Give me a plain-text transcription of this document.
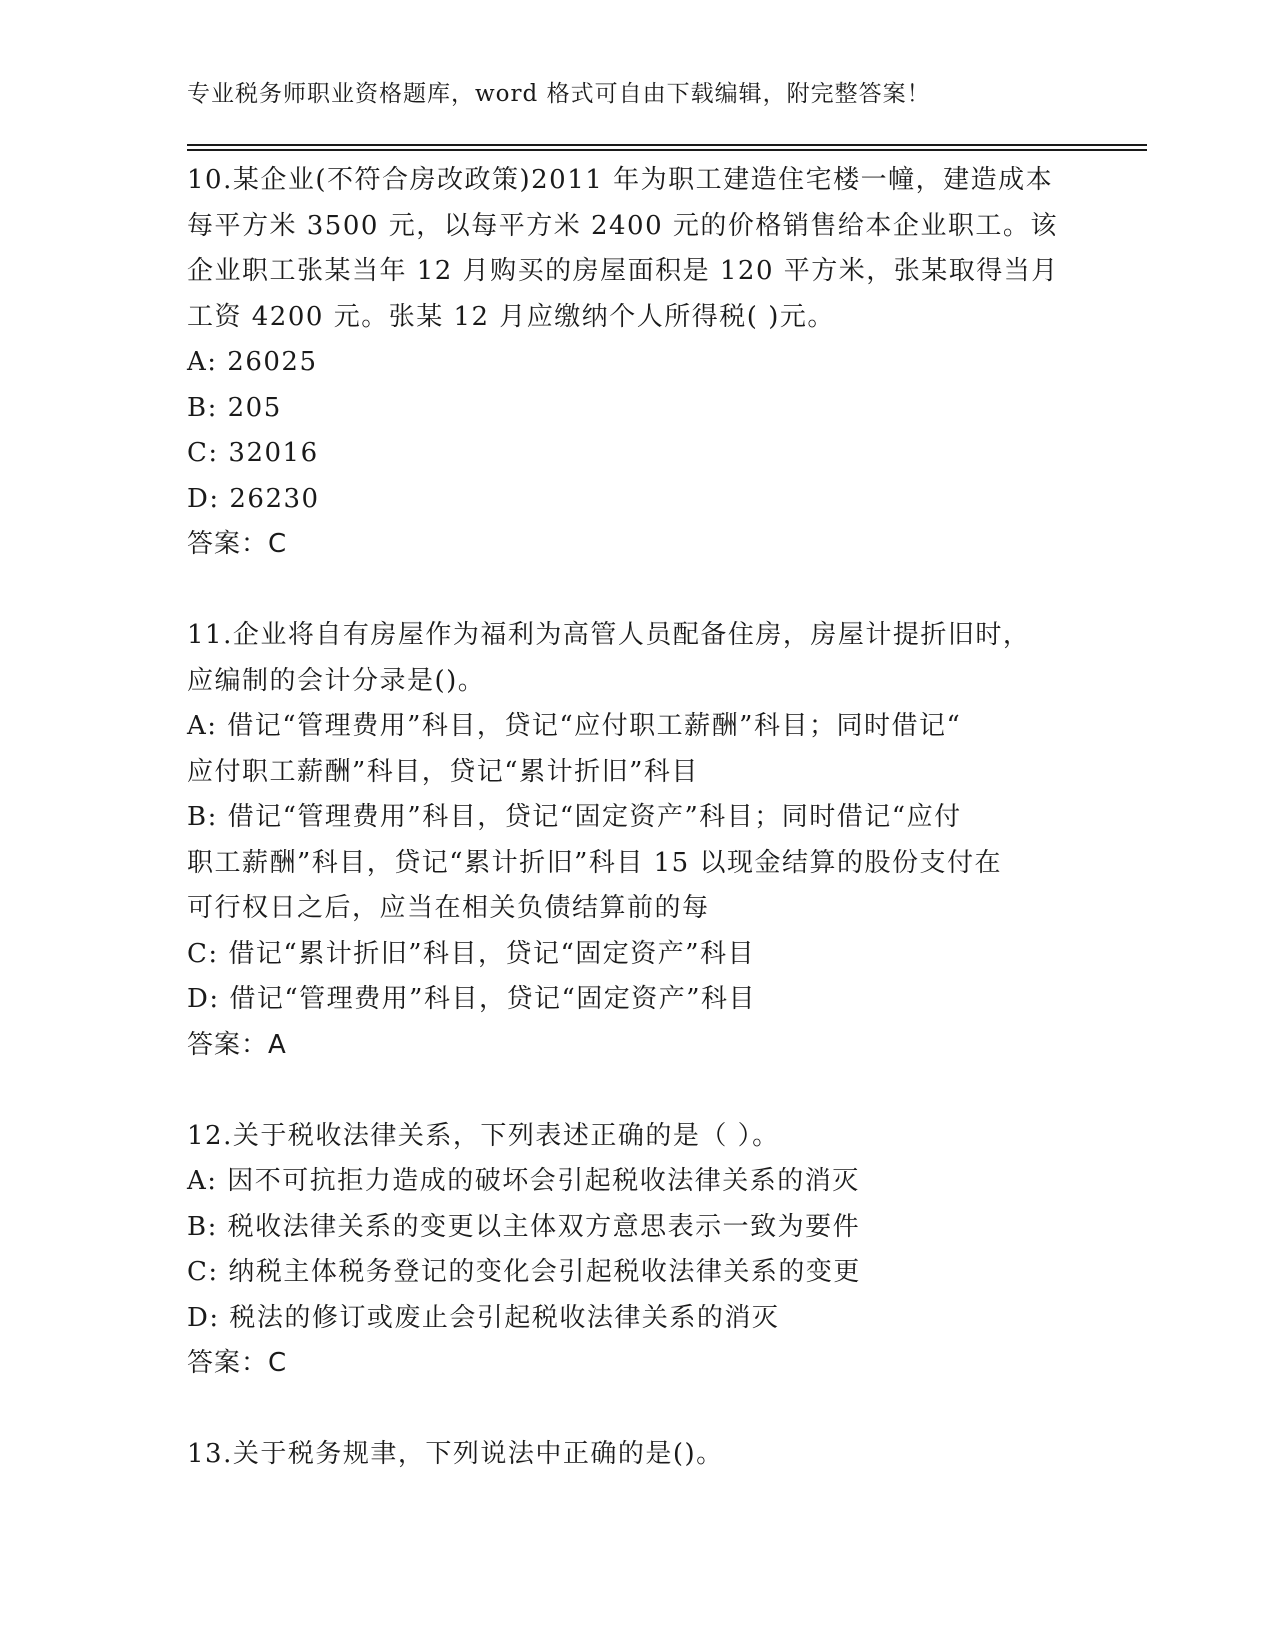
专业税务师职业资格题库，word 格式可自由下载编辑，附完整答案！
10.某企业(不符合房改政策)2011 年为职工建造住宅楼一幢，建造成本
每平方米 3500 元，以每平方米 2400 元的价格销售给本企业职工。该
企业职工张某当年 12 月购买的房屋面积是 120 平方米，张某取得当月
工资 4200 元。张某 12 月应缴纳个人所得税( )元。
A: 26025
B: 205
C: 32016
D: 26230
答案：C
11.企业将自有房屋作为福利为高管人员配备住房，房屋计提折旧时，
应编制的会计分录是()。
A: 借记“管理费用”科目，贷记“应付职工薪酬”科目；同时借记“
应付职工薪酬”科目，贷记“累计折旧”科目
B: 借记“管理费用”科目，贷记“固定资产”科目；同时借记“应付
职工薪酬”科目，贷记“累计折旧”科目 15 以现金结算的股份支付在
可行权日之后，应当在相关负债结算前的每
C: 借记“累计折旧”科目，贷记“固定资产”科目
D: 借记“管理费用”科目，贷记“固定资产”科目
答案：A
12.关于税收法律关系，下列表述正确的是（ ）。
A: 因不可抗拒力造成的破坏会引起税收法律关系的消灭
B: 税收法律关系的变更以主体双方意思表示一致为要件
C: 纳税主体税务登记的变化会引起税收法律关系的变更
D: 税法的修订或废止会引起税收法律关系的消灭
答案：C
13.关于税务规聿，下列说法中正确的是()。
